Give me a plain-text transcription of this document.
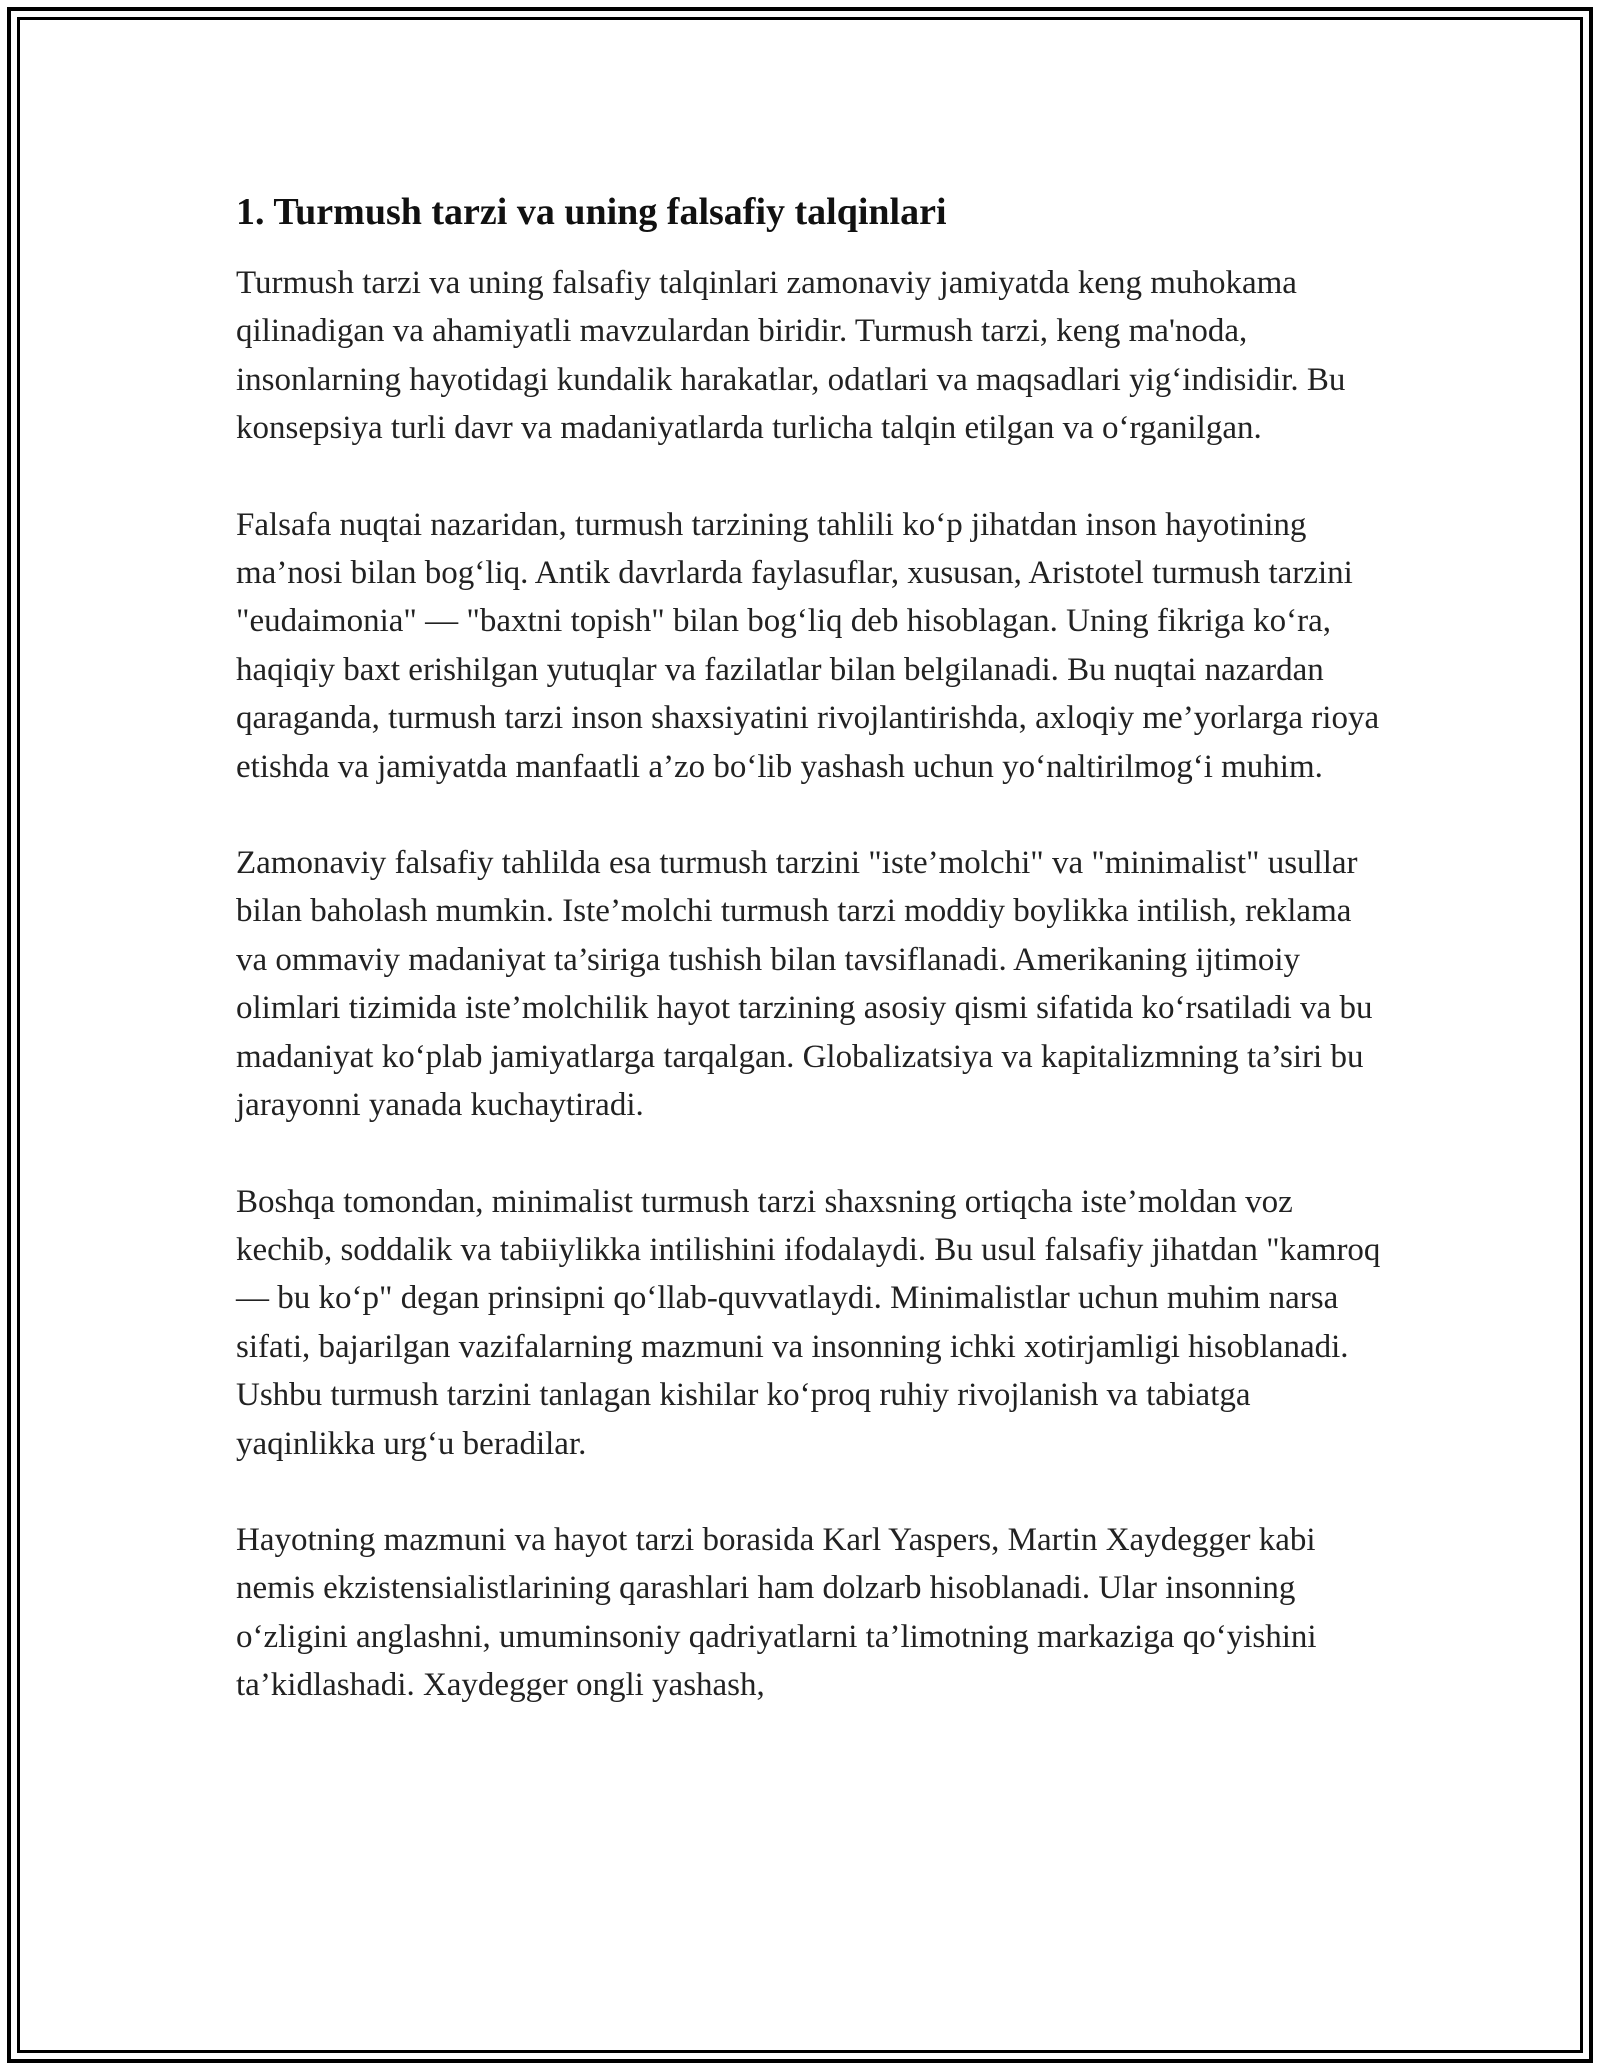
1. Turmush tarzi va uning falsafiy talqinlari

Turmush tarzi va uning falsafiy talqinlari zamonaviy jamiyatda keng muhokama qilinadigan va ahamiyatli mavzulardan biridir. Turmush tarzi, keng ma'noda, insonlarning hayotidagi kundalik harakatlar, odatlari va maqsadlari yig‘indisidir. Bu konsepsiya turli davr va madaniyatlarda turlicha talqin etilgan va o‘rganilgan.

Falsafa nuqtai nazaridan, turmush tarzining tahlili ko‘p jihatdan inson hayotining ma’nosi bilan bog‘liq. Antik davrlarda faylasuflar, xususan, Aristotel turmush tarzini "eudaimonia" — "baxtni topish" bilan bog‘liq deb hisoblagan. Uning fikriga ko‘ra, haqiqiy baxt erishilgan yutuqlar va fazilatlar bilan belgilanadi. Bu nuqtai nazardan qaraganda, turmush tarzi inson shaxsiyatini rivojlantirishda, axloqiy me’yorlarga rioya etishda va jamiyatda manfaatli a’zo bo‘lib yashash uchun yo‘naltirilmog‘i muhim.

Zamonaviy falsafiy tahlilda esa turmush tarzini "iste’molchi" va "minimalist" usullar bilan baholash mumkin. Iste’molchi turmush tarzi moddiy boylikka intilish, reklama va ommaviy madaniyat ta’siriga tushish bilan tavsiflanadi. Amerikaning ijtimoiy olimlari tizimida iste’molchilik hayot tarzining asosiy qismi sifatida ko‘rsatiladi va bu madaniyat ko‘plab jamiyatlarga tarqalgan. Globalizatsiya va kapitalizmning ta’siri bu jarayonni yanada kuchaytiradi.

Boshqa tomondan, minimalist turmush tarzi shaxsning ortiqcha iste’moldan voz kechib, soddalik va tabiiylikka intilishini ifodalaydi. Bu usul falsafiy jihatdan "kamroq — bu ko‘p" degan prinsipni qo‘llab-quvvatlaydi. Minimalistlar uchun muhim narsa sifati, bajarilgan vazifalarning mazmuni va insonning ichki xotirjamligi hisoblanadi. Ushbu turmush tarzini tanlagan kishilar ko‘proq ruhiy rivojlanish va tabiatga yaqinlikka urg‘u beradilar.

Hayotning mazmuni va hayot tarzi borasida Karl Yaspers, Martin Xaydegger kabi nemis ekzistensialistlarining qarashlari ham dolzarb hisoblanadi. Ular insonning o‘zligini anglashni, umuminsoniy qadriyatlarni ta’limotning markaziga qo‘yishini ta’kidlashadi. Xaydegger ongli yashash,
